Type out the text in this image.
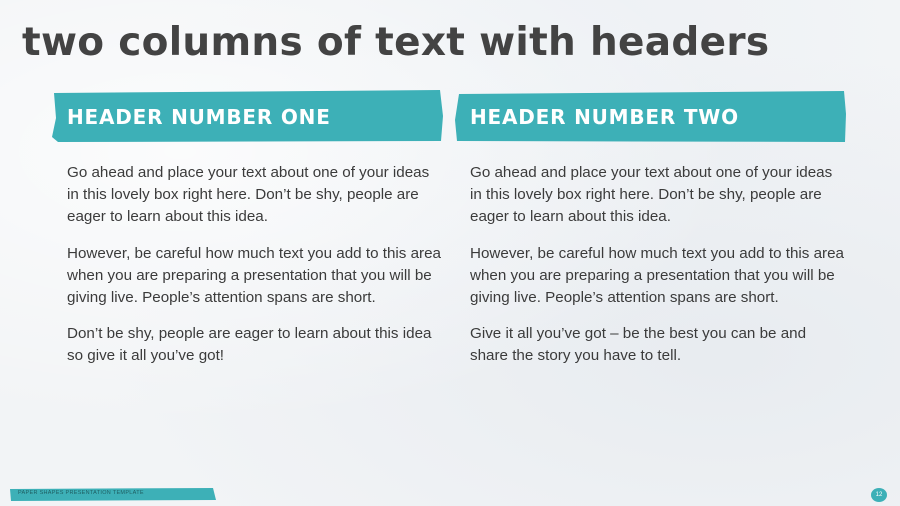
two columns of text with headers
HEADER NUMBER ONE

Go ahead and place your text about one of your ideas in this lovely box right here. Don’t be shy, people are eager to learn about this idea.

However, be careful how much text you add to this area when you are preparing a presentation that you will be giving live. People’s attention spans are short.

Don’t be shy, people are eager to learn about this idea so give it all you’ve got!

HEADER NUMBER TWO

Go ahead and place your text about one of your ideas in this lovely box right here. Don’t be shy, people are eager to learn about this idea.

However, be careful how much text you add to this area when you are preparing a presentation that you will be giving live. People’s attention spans are short.

Give it all you’ve got – be the best you can be and share the story you have to tell.

PAPER SHAPES PRESENTATION TEMPLATE	12
